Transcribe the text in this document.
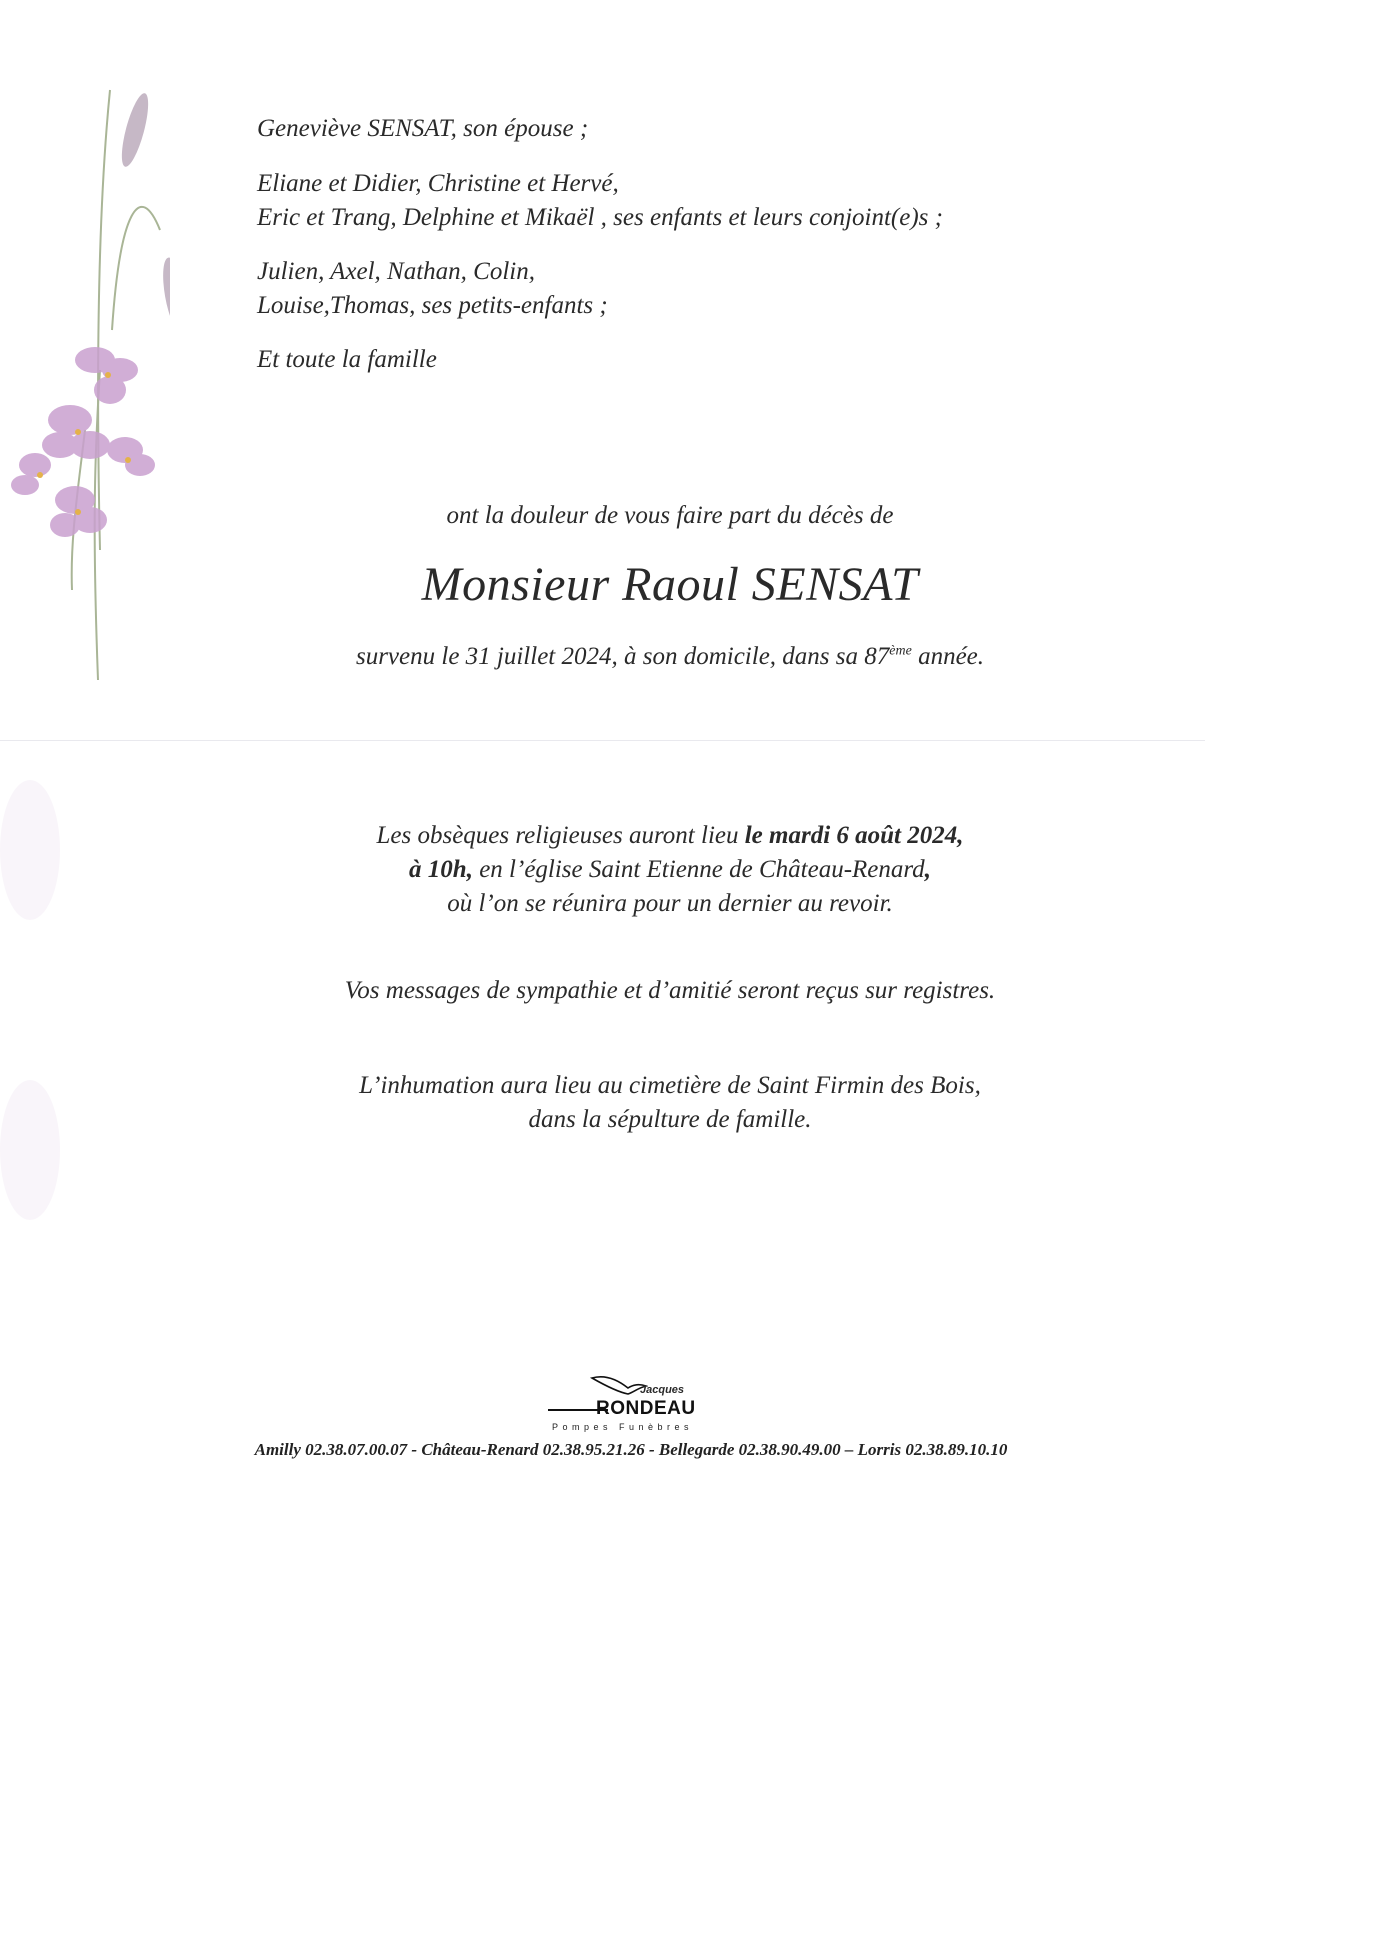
Geneviève SENSAT, son épouse ;
Eliane et Didier, Christine et Hervé,
Eric et Trang, Delphine et Mikaël , ses enfants et leurs conjoint(e)s ;
Julien, Axel, Nathan, Colin,
Louise,Thomas, ses petits-enfants ;
Et toute la famille
ont la douleur de vous faire part du décès de
Monsieur Raoul SENSAT
survenu le 31 juillet 2024, à son domicile, dans sa 87ème année.
Les obsèques religieuses auront lieu le mardi 6 août 2024,
à 10h, en l’église Saint Etienne de Château-Renard,
où l’on se réunira pour un dernier au revoir.
Vos messages de sympathie et d’amitié seront reçus sur registres.
L’inhumation aura lieu au cimetière de Saint Firmin des Bois,
dans la sépulture de famille.
Jacques
RONDEAU
Pompes Funèbres
Amilly 02.38.07.00.07 - Château-Renard 02.38.95.21.26 - Bellegarde 02.38.90.49.00 – Lorris 02.38.89.10.10
